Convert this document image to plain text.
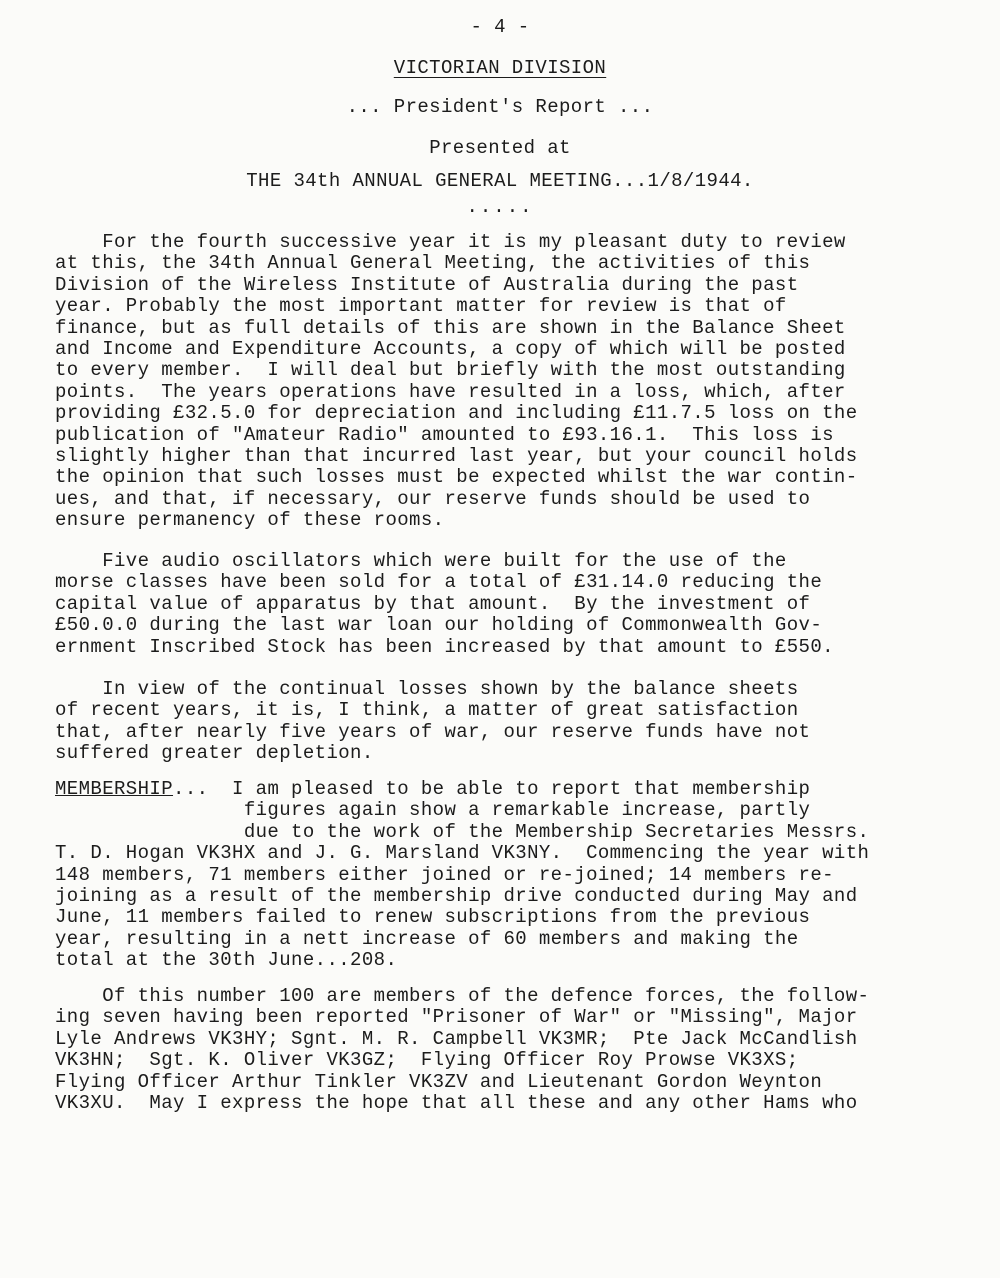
- 4 -
VICTORIAN DIVISION
... President's Report ...
Presented at
THE 34th ANNUAL GENERAL MEETING...1/8/1944.
.....
For the fourth successive year it is my pleasant duty to review
at this, the 34th Annual General Meeting, the activities of this
Division of the Wireless Institute of Australia during the past
year. Probably the most important matter for review is that of
finance, but as full details of this are shown in the Balance Sheet
and Income and Expenditure Accounts, a copy of which will be posted
to every member.  I will deal but briefly with the most outstanding
points.  The years operations have resulted in a loss, which, after
providing £32.5.0 for depreciation and including £11.7.5 loss on the
publication of "Amateur Radio" amounted to £93.16.1.  This loss is
slightly higher than that incurred last year, but your council holds
the opinion that such losses must be expected whilst the war contin-
ues, and that, if necessary, our reserve funds should be used to
ensure permanency of these rooms.
Five audio oscillators which were built for the use of the
morse classes have been sold for a total of £31.14.0 reducing the
capital value of apparatus by that amount.  By the investment of
£50.0.0 during the last war loan our holding of Commonwealth Gov-
ernment Inscribed Stock has been increased by that amount to £550.
In view of the continual losses shown by the balance sheets
of recent years, it is, I think, a matter of great satisfaction
that, after nearly five years of war, our reserve funds have not
suffered greater depletion.
MEMBERSHIP...  I am pleased to be able to report that membership
figures again show a remarkable increase, partly
due to the work of the Membership Secretaries Messrs.
T. D. Hogan VK3HX and J. G. Marsland VK3NY.  Commencing the year with
148 members, 71 members either joined or re-joined; 14 members re-
joining as a result of the membership drive conducted during May and
June, 11 members failed to renew subscriptions from the previous
year, resulting in a nett increase of 60 members and making the
total at the 30th June...208.
Of this number 100 are members of the defence forces, the follow-
ing seven having been reported "Prisoner of War" or "Missing", Major
Lyle Andrews VK3HY; Sgnt. M. R. Campbell VK3MR;  Pte Jack McCandlish
VK3HN;  Sgt. K. Oliver VK3GZ;  Flying Officer Roy Prowse VK3XS;
Flying Officer Arthur Tinkler VK3ZV and Lieutenant Gordon Weynton
VK3XU.  May I express the hope that all these and any other Hams who
